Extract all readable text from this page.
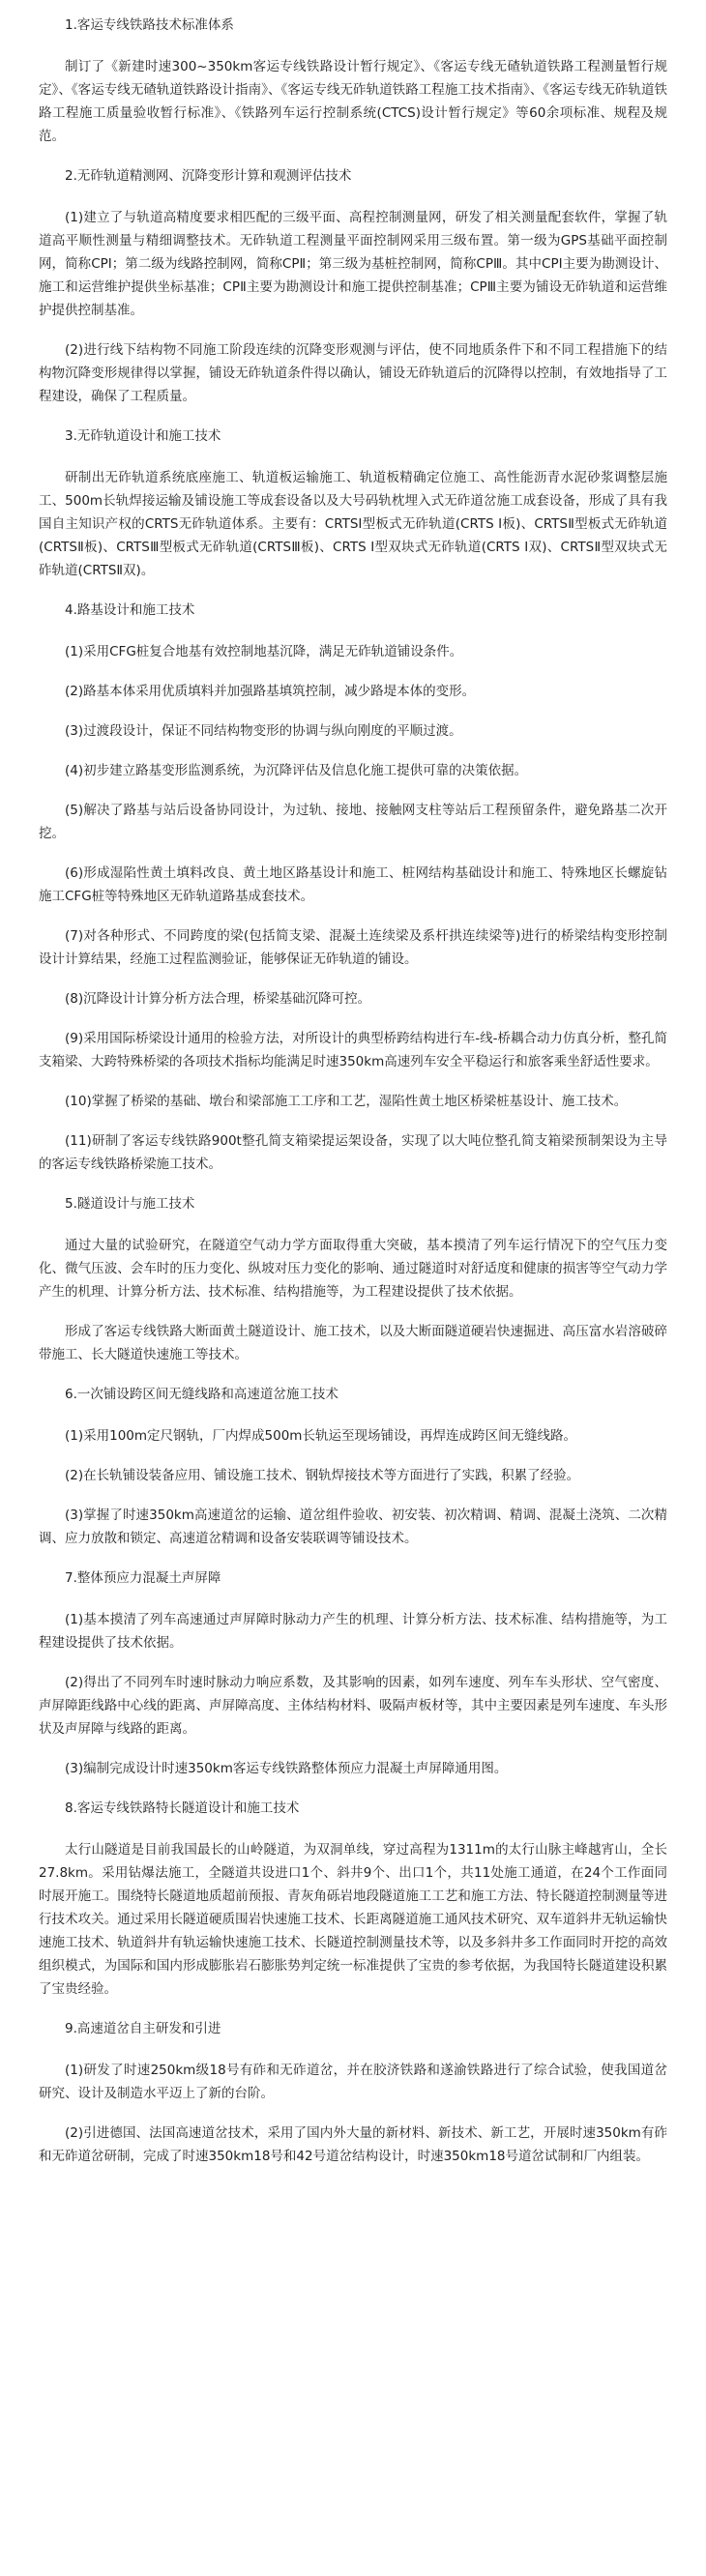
1.客运专线铁路技术标准体系

制订了《新建时速300~350km客运专线铁路设计暂行规定》、《客运专线无碴轨道铁路工程测量暂行规定》、《客运专线无碴轨道铁路设计指南》、《客运专线无砟轨道铁路工程施工技术指南》、《客运专线无砟轨道铁路工程施工质量验收暂行标准》、《铁路列车运行控制系统(CTCS)设计暂行规定》等60余项标准、规程及规范。

2.无砟轨道精测网、沉降变形计算和观测评估技术

(1)建立了与轨道高精度要求相匹配的三级平面、高程控制测量网，研发了相关测量配套软件，掌握了轨道高平顺性测量与精细调整技术。无砟轨道工程测量平面控制网采用三级布置。第一级为GPS基础平面控制网，简称CPI；第二级为线路控制网，简称CPⅡ；第三级为基桩控制网，简称CPⅢ。其中CPI主要为勘测设计、施工和运营维护提供坐标基准；CPⅡ主要为勘测设计和施工提供控制基准；CPⅢ主要为铺设无砟轨道和运营维护提供控制基准。

(2)进行线下结构物不同施工阶段连续的沉降变形观测与评估，使不同地质条件下和不同工程措施下的结构物沉降变形规律得以掌握，铺设无砟轨道条件得以确认，铺设无砟轨道后的沉降得以控制，有效地指导了工程建设，确保了工程质量。

3.无砟轨道设计和施工技术

研制出无砟轨道系统底座施工、轨道板运输施工、轨道板精确定位施工、高性能沥青水泥砂浆调整层施工、500m长轨焊接运输及铺设施工等成套设备以及大号码轨枕埋入式无砟道岔施工成套设备，形成了具有我国自主知识产权的CRTS无砟轨道体系。主要有：CRTSI型板式无砟轨道(CRTS Ⅰ板)、CRTSⅡ型板式无砟轨道(CRTSⅡ板)、CRTSⅢ型板式无砟轨道(CRTSⅢ板)、CRTS Ⅰ型双块式无砟轨道(CRTS Ⅰ双)、CRTSⅡ型双块式无砟轨道(CRTSⅡ双)。

4.路基设计和施工技术

(1)采用CFG桩复合地基有效控制地基沉降，满足无砟轨道铺设条件。

(2)路基本体采用优质填料并加强路基填筑控制，减少路堤本体的变形。

(3)过渡段设计，保证不同结构物变形的协调与纵向刚度的平顺过渡。

(4)初步建立路基变形监测系统，为沉降评估及信息化施工提供可靠的决策依据。

(5)解决了路基与站后设备协同设计，为过轨、接地、接触网支柱等站后工程预留条件，避免路基二次开挖。

(6)形成湿陷性黄土填料改良、黄土地区路基设计和施工、桩网结构基础设计和施工、特殊地区长螺旋钻施工CFG桩等特殊地区无砟轨道路基成套技术。

(7)对各种形式、不同跨度的梁(包括简支梁、混凝土连续梁及系杆拱连续梁等)进行的桥梁结构变形控制设计计算结果，经施工过程监测验证，能够保证无砟轨道的铺设。

(8)沉降设计计算分析方法合理，桥梁基础沉降可控。

(9)采用国际桥梁设计通用的检验方法，对所设计的典型桥跨结构进行车-线-桥耦合动力仿真分析，整孔简支箱梁、大跨特殊桥梁的各项技术指标均能满足时速350km高速列车安全平稳运行和旅客乘坐舒适性要求。

(10)掌握了桥梁的基础、墩台和梁部施工工序和工艺，湿陷性黄土地区桥梁桩基设计、施工技术。

(11)研制了客运专线铁路900t整孔简支箱梁提运架设备，实现了以大吨位整孔简支箱梁预制架设为主导的客运专线铁路桥梁施工技术。

5.隧道设计与施工技术

通过大量的试验研究，在隧道空气动力学方面取得重大突破，基本摸清了列车运行情况下的空气压力变化、微气压波、会车时的压力变化、纵坡对压力变化的影响、通过隧道时对舒适度和健康的损害等空气动力学产生的机理、计算分析方法、技术标准、结构措施等，为工程建设提供了技术依据。

形成了客运专线铁路大断面黄土隧道设计、施工技术，以及大断面隧道硬岩快速掘进、高压富水岩溶破碎带施工、长大隧道快速施工等技术。

6.一次铺设跨区间无缝线路和高速道岔施工技术

(1)采用100m定尺钢轨，厂内焊成500m长轨运至现场铺设，再焊连成跨区间无缝线路。

(2)在长轨铺设装备应用、铺设施工技术、钢轨焊接技术等方面进行了实践，积累了经验。

(3)掌握了时速350km高速道岔的运输、道岔组件验收、初安装、初次精调、精调、混凝土浇筑、二次精调、应力放散和锁定、高速道岔精调和设备安装联调等铺设技术。

7.整体预应力混凝土声屏障

(1)基本摸清了列车高速通过声屏障时脉动力产生的机理、计算分析方法、技术标准、结构措施等，为工程建设提供了技术依据。

(2)得出了不同列车时速时脉动力响应系数，及其影响的因素，如列车速度、列车车头形状、空气密度、声屏障距线路中心线的距离、声屏障高度、主体结构材料、吸隔声板材等，其中主要因素是列车速度、车头形状及声屏障与线路的距离。

(3)编制完成设计时速350km客运专线铁路整体预应力混凝土声屏障通用图。

8.客运专线铁路特长隧道设计和施工技术

太行山隧道是目前我国最长的山岭隧道，为双洞单线，穿过高程为1311m的太行山脉主峰越宵山，全长27.8km。采用钻爆法施工，全隧道共设进口1个、斜井9个、出口1个，共11处施工通道，在24个工作面同时展开施工。围绕特长隧道地质超前预报、青灰角砾岩地段隧道施工工艺和施工方法、特长隧道控制测量等进行技术攻关。通过采用长隧道硬质围岩快速施工技术、长距离隧道施工通风技术研究、双车道斜井无轨运输快速施工技术、轨道斜井有轨运输快速施工技术、长隧道控制测量技术等，以及多斜井多工作面同时开挖的高效组织模式，为国际和国内形成膨胀岩石膨胀势判定统一标准提供了宝贵的参考依据，为我国特长隧道建设积累了宝贵经验。

9.高速道岔自主研发和引进

(1)研发了时速250km级18号有砟和无砟道岔，并在胶济铁路和遂渝铁路进行了综合试验，使我国道岔研究、设计及制造水平迈上了新的台阶。

(2)引进德国、法国高速道岔技术，采用了国内外大量的新材料、新技术、新工艺，开展时速350km有砟和无砟道岔研制，完成了时速350km18号和42号道岔结构设计，时速350km18号道岔试制和厂内组装。
